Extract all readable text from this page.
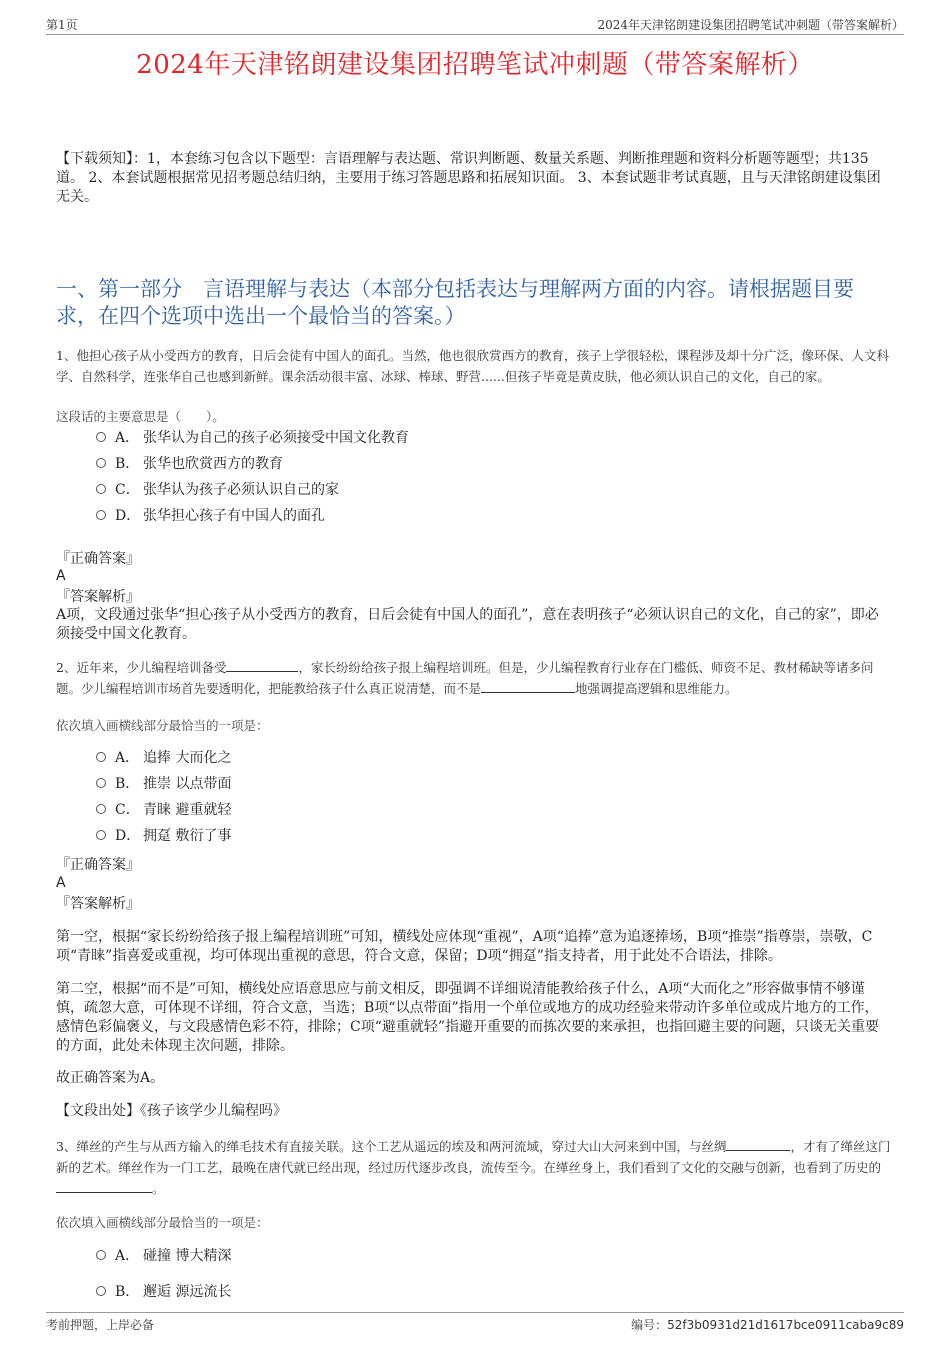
第1页	2024年天津铭朗建设集团招聘笔试冲刺题（带答案解析）
2024年天津铭朗建设集团招聘笔试冲刺题（带答案解析）
【下载须知】：1，本套练习包含以下题型：言语理解与表达题、常识判断题、数量关系题、判断推理题和资料分析题等题型；共135道。 2、本套试题根据常见招考题总结归纳，主要用于练习答题思路和拓展知识面。 3、本套试题非考试真题，且与天津铭朗建设集团无关。
一、第一部分　言语理解与表达（本部分包括表达与理解两方面的内容。请根据题目要求，在四个选项中选出一个最恰当的答案。）
1、他担心孩子从小受西方的教育，日后会徒有中国人的面孔。当然，他也很欣赏西方的教育，孩子上学很轻松，课程涉及却十分广泛，像环保、人文科学、自然科学，连张华自己也感到新鲜。课余活动很丰富、冰球、棒球、野营......但孩子毕竟是黄皮肤，他必须认识自己的文化，自己的家。
这段话的主要意思是（　　）。
A． 张华认为自己的孩子必须接受中国文化教育
B． 张华也欣赏西方的教育
C． 张华认为孩子必须认识自己的家
D． 张华担心孩子有中国人的面孔
『正确答案』
A
『答案解析』
A项，文段通过张华“担心孩子从小受西方的教育，日后会徒有中国人的面孔”，意在表明孩子“必须认识自己的文化，自己的家”，即必须接受中国文化教育。
2、近年来，少儿编程培训备受	，家长纷纷给孩子报上编程培训班。但是，少儿编程教育行业存在门槛低、师资不足、教材稀缺等诸多问题。少儿编程培训市场首先要透明化，把能教给孩子什么真正说清楚，而不是	地强调提高逻辑和思维能力。
依次填入画横线部分最恰当的一项是：
A． 追捧 大而化之
B． 推崇 以点带面
C． 青睐 避重就轻
D． 拥趸 敷衍了事
『正确答案』
A
『答案解析』
第一空，根据“家长纷纷给孩子报上编程培训班”可知，横线处应体现“重视”，A项“追捧”意为追逐捧场，B项“推崇”指尊崇，崇敬，C项“青睐”指喜爱或重视，均可体现出重视的意思，符合文意，保留；D项“拥趸”指支持者，用于此处不合语法，排除。
第二空，根据“而不是”可知，横线处应语意思应与前文相反，即强调不详细说清能教给孩子什么，A项“大而化之”形容做事情不够谨慎，疏忽大意，可体现不详细，符合文意，当选；B项“以点带面”指用一个单位或地方的成功经验来带动许多单位或成片地方的工作，感情色彩偏褒义，与文段感情色彩不符，排除；C项“避重就轻”指避开重要的而拣次要的来承担，也指回避主要的问题，只谈无关重要的方面，此处未体现主次问题，排除。
故正确答案为A。
【文段出处】《孩子该学少儿编程吗》
3、缂丝的产生与从西方输入的缂毛技术有直接关联。这个工艺从遥远的埃及和两河流域，穿过大山大河来到中国，与丝绸	，才有了缂丝这门新的艺术。缂丝作为一门工艺，最晚在唐代就已经出现，经过历代逐步改良，流传至今。在缂丝身上，我们看到了文化的交融与创新，也看到了历史的。
依次填入画横线部分最恰当的一项是：
A． 碰撞 博大精深
B． 邂逅 源远流长
考前押题，上岸必备	编号：52f3b0931d21d1617bce0911caba9c89
